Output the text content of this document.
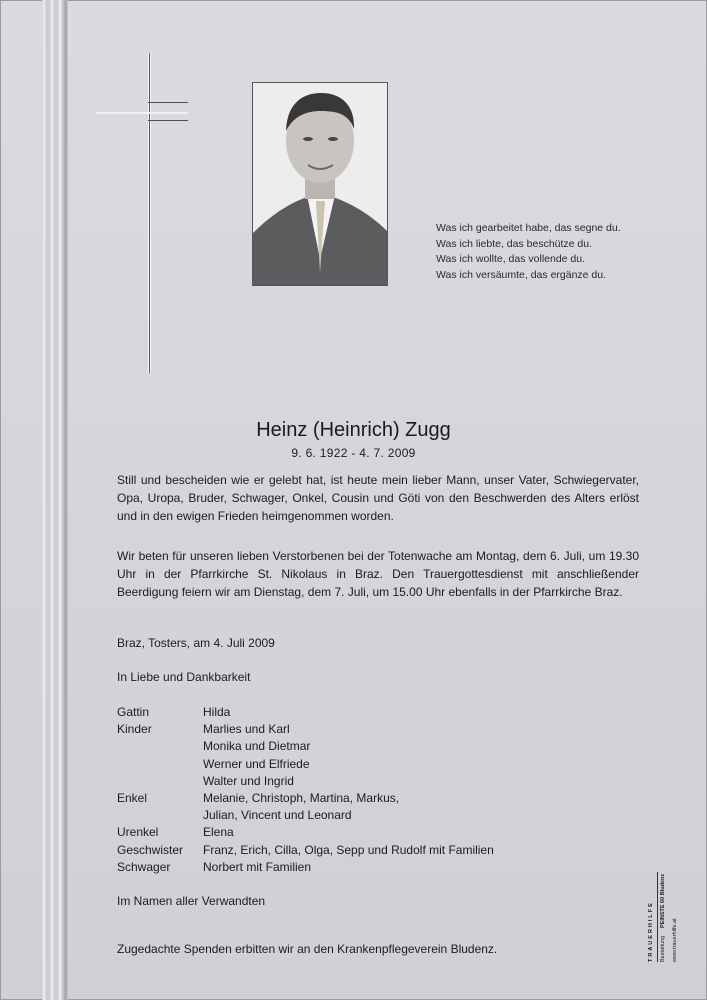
Was ich gearbeitet habe, das segne du.
Was ich liebte, das beschütze du.
Was ich wollte, das vollende du.
Was ich versäumte, das ergänze du.
Heinz (Heinrich) Zugg
9. 6. 1922 - 4. 7. 2009
Still und bescheiden wie er gelebt hat, ist heute mein lieber Mann, unser Vater, Schwiegervater, Opa, Uropa, Bruder, Schwager, Onkel, Cousin und Göti von den Beschwerden des Alters erlöst und in den ewigen Frieden heimgenommen worden.
Wir beten für unseren lieben Verstorbenen bei der Totenwache am Montag, dem 6. Juli, um 19.30 Uhr in der Pfarrkirche St. Nikolaus in Braz. Den Trauergottesdienst mit anschließender Beerdigung feiern wir am Dienstag, dem 7. Juli, um 15.00 Uhr ebenfalls in der Pfarrkirche Braz.
Braz, Tosters, am 4. Juli 2009
In Liebe und Dankbarkeit
Gattin	Hilda
Kinder	Marlies und Karl
Monika und Dietmar
Werner und Elfriede
Walter und Ingrid
Enkel	Melanie, Christoph, Martina, Markus,
Julian, Vincent und Leonard
Urenkel	Elena
Geschwister	Franz, Erich, Cilla, Olga, Sepp und Rudolf mit Familien
Schwager	Norbert mit Familien
Im Namen aller Verwandten
Zugedachte Spenden erbitten wir an den Krankenpflegeverein Bludenz.	TRAUERHILFE Bestattung
PEINSTE 60 Bludenz
www.trauerhilfe.at
